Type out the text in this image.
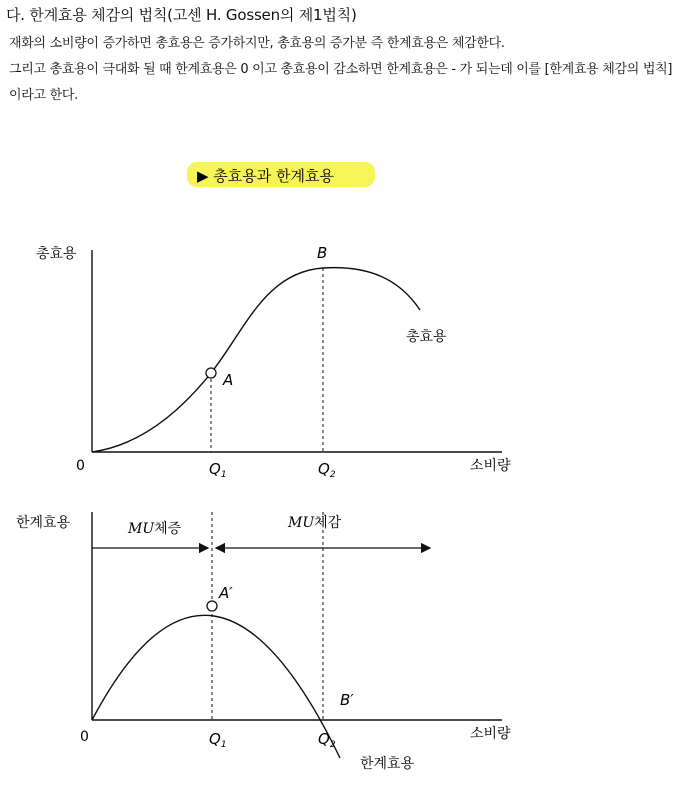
다. 한계효용 체감의 법칙(고센 H. Gossen의 제1법칙)

재화의 소비량이 증가하면 총효용은 증가하지만, 총효용의 증가분 즉 한계효용은 체감한다.

그리고 총효용이 극대화 될 때 한계효용은 0 이고 총효용이 감소하면 한계효용은 - 가 되는데 이를 [한계효용 체감의 법칙]이라고 한다.

▶ 총효용과 한계효용
총효용
소비량
0
A
B
총효용
$Q_1$	$Q_2$
한계효용
소비량
0
MU체증	MU체감
A′
B′
한계효용
$Q_1$	$Q_2$
